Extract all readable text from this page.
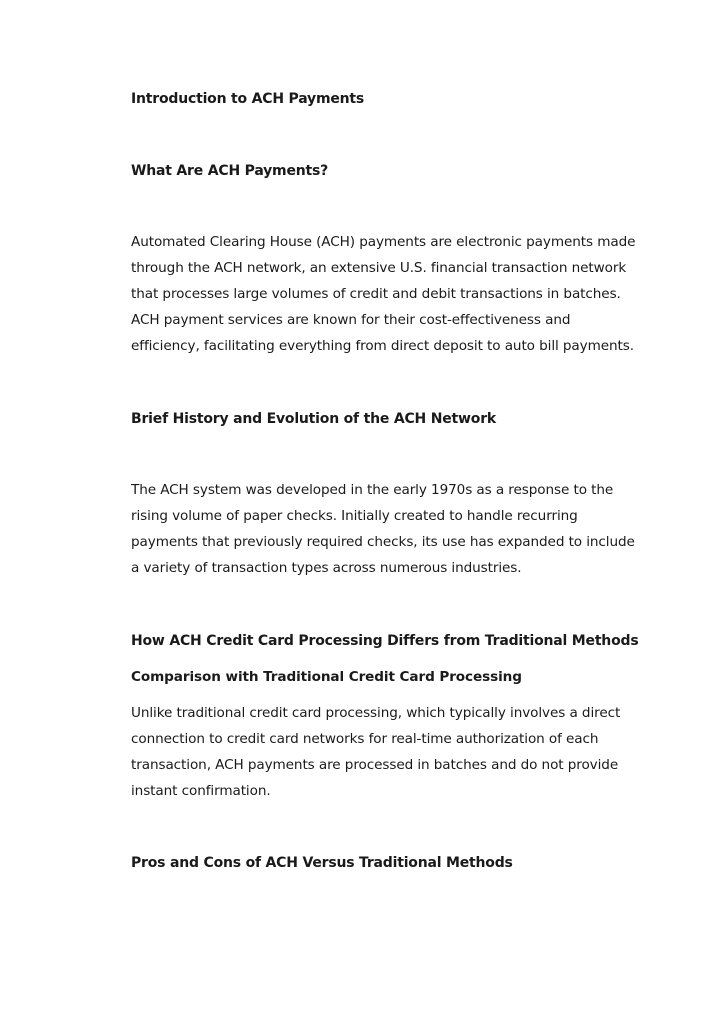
Introduction to ACH Payments
What Are ACH Payments?
Automated Clearing House (ACH) payments are electronic payments made
through the ACH network, an extensive U.S. financial transaction network
that processes large volumes of credit and debit transactions in batches.
ACH payment services are known for their cost-effectiveness and
efficiency, facilitating everything from direct deposit to auto bill payments.
Brief History and Evolution of the ACH Network
The ACH system was developed in the early 1970s as a response to the
rising volume of paper checks. Initially created to handle recurring
payments that previously required checks, its use has expanded to include
a variety of transaction types across numerous industries.
How ACH Credit Card Processing Differs from Traditional Methods
Comparison with Traditional Credit Card Processing
Unlike traditional credit card processing, which typically involves a direct
connection to credit card networks for real-time authorization of each
transaction, ACH payments are processed in batches and do not provide
instant confirmation.
Pros and Cons of ACH Versus Traditional Methods
